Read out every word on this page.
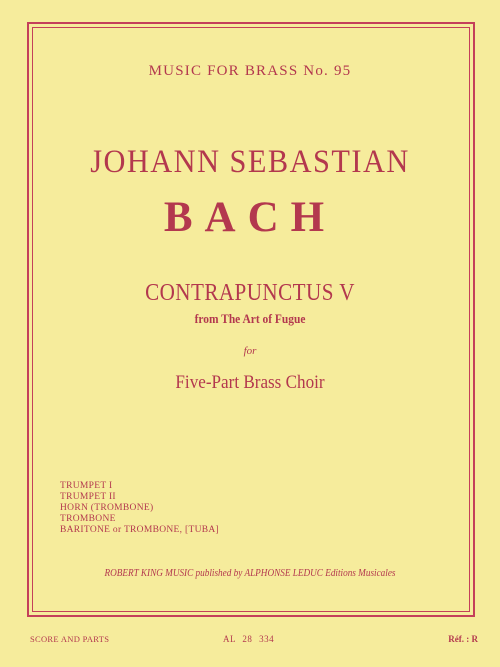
MUSIC FOR BRASS No. 95
JOHANN SEBASTIAN
BACH
CONTRAPUNCTUS V
from The Art of Fugue
for
Five-Part Brass Choir
TRUMPET I
TRUMPET II
HORN (TROMBONE)
TROMBONE
BARITONE or TROMBONE, [TUBA]
ROBERT KING MUSIC published by ALPHONSE LEDUC Editions Musicales
SCORE AND PARTS	AL 28 334	Réf. : R
